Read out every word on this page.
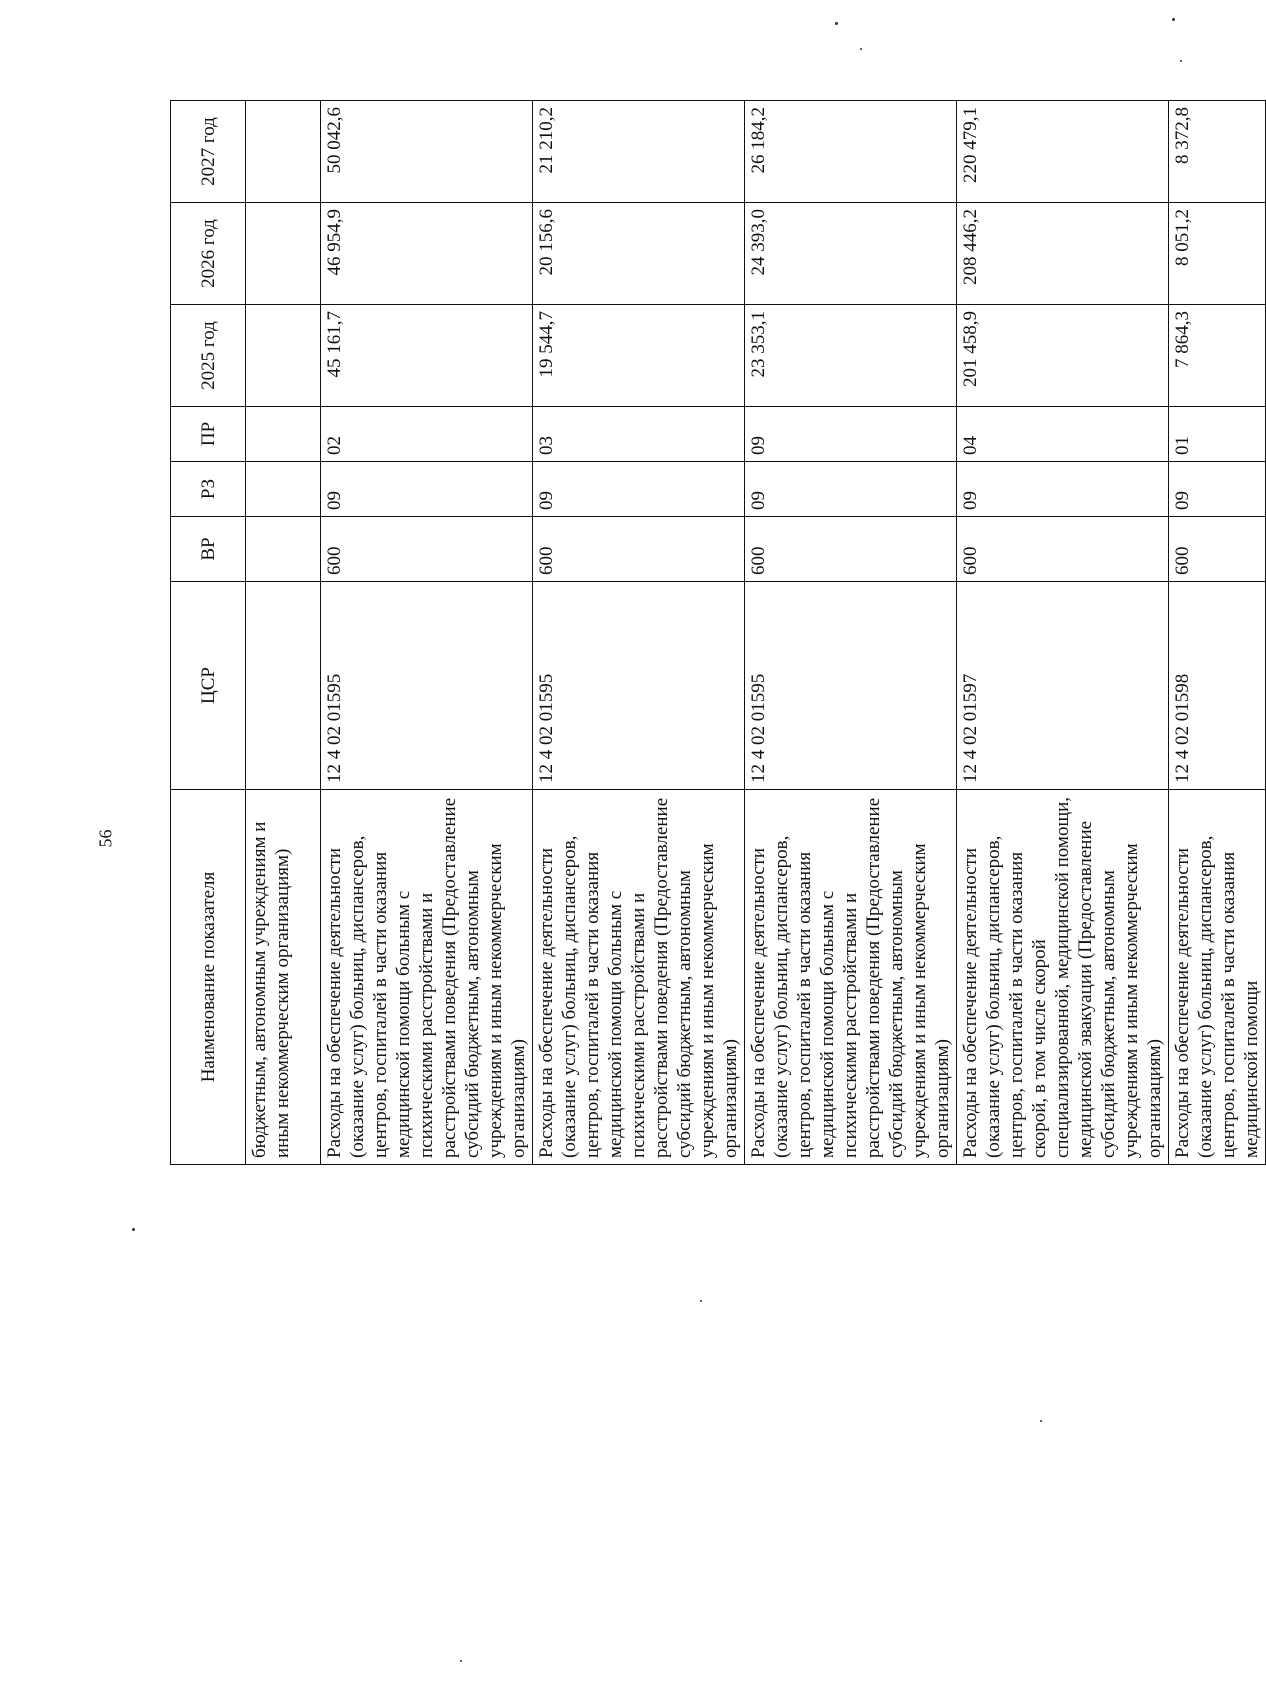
56
Наименование показателя	ЦСР	ВР	РЗ	ПР	2025 год	2026 год	2027 год
бюджетным, автономным учреждениям и иным некоммерческим организациям)							
Расходы на обеспечение деятельности (оказание услуг) больниц, диспансеров, центров, госпиталей в части оказания медицинской помощи больным с психическими расстройствами и расстройствами поведения (Предоставление субсидий бюджетным, автономным учреждениям и иным некоммерческим организациям)	12 4 02 01595	600	09	02	45 161,7	46 954,9	50 042,6
Расходы на обеспечение деятельности (оказание услуг) больниц, диспансеров, центров, госпиталей в части оказания медицинской помощи больным с психическими расстройствами и расстройствами поведения (Предоставление субсидий бюджетным, автономным учреждениям и иным некоммерческим организациям)	12 4 02 01595	600	09	03	19 544,7	20 156,6	21 210,2
Расходы на обеспечение деятельности (оказание услуг) больниц, диспансеров, центров, госпиталей в части оказания медицинской помощи больным с психическими расстройствами и расстройствами поведения (Предоставление субсидий бюджетным, автономным учреждениям и иным некоммерческим организациям)	12 4 02 01595	600	09	09	23 353,1	24 393,0	26 184,2
Расходы на обеспечение деятельности (оказание услуг) больниц, диспансеров, центров, госпиталей в части оказания скорой, в том числе скорой специализированной, медицинской помощи, медицинской эвакуации (Предоставление субсидий бюджетным, автономным учреждениям и иным некоммерческим организациям)	12 4 02 01597	600	09	04	201 458,9	208 446,2	220 479,1
Расходы на обеспечение деятельности (оказание услуг) больниц, диспансеров, центров, госпиталей в части оказания медицинской помощи	12 4 02 01598	600	09	01	7 864,3	8 051,2	8 372,8
